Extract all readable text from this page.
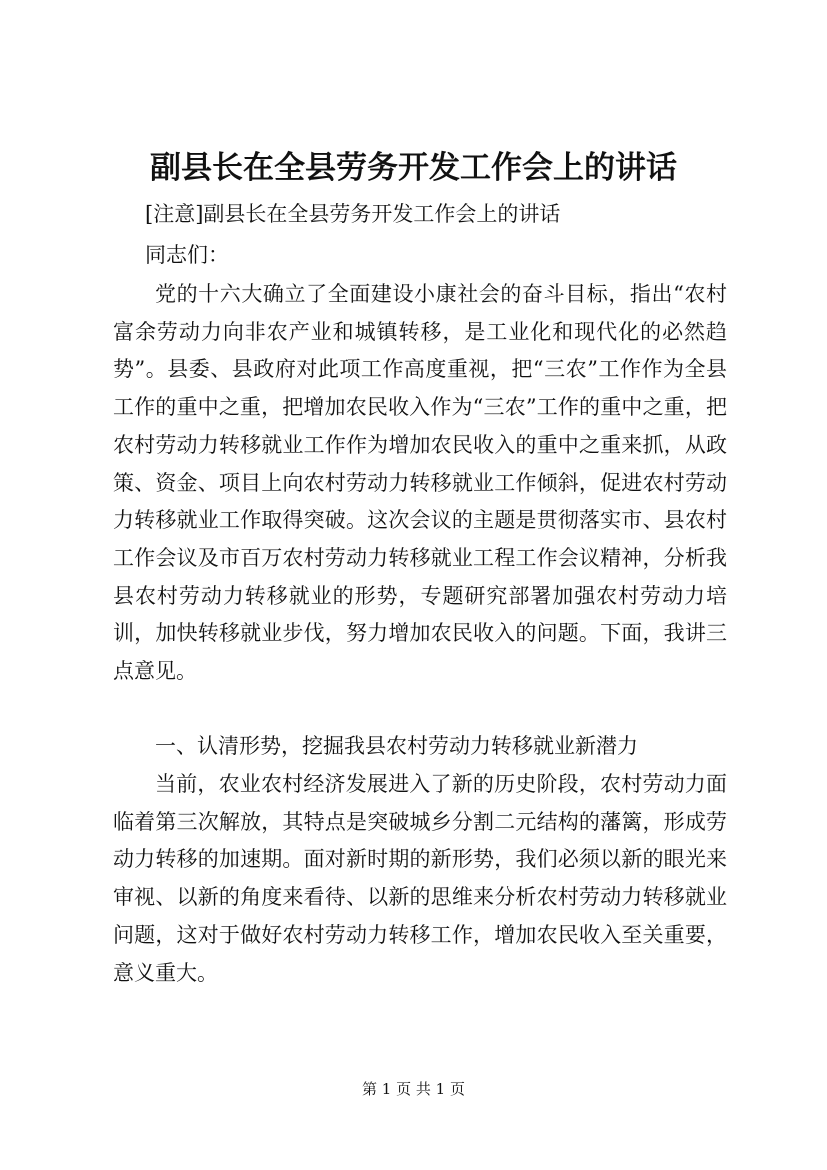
副县长在全县劳务开发工作会上的讲话

[注意]副县长在全县劳务开发工作会上的讲话

同志们：

党的十六大确立了全面建设小康社会的奋斗目标，指出“农村富余劳动力向非农产业和城镇转移，是工业化和现代化的必然趋势”。县委、县政府对此项工作高度重视，把“三农”工作作为全县工作的重中之重，把增加农民收入作为“三农”工作的重中之重，把农村劳动力转移就业工作作为增加农民收入的重中之重来抓，从政策、资金、项目上向农村劳动力转移就业工作倾斜，促进农村劳动力转移就业工作取得突破。这次会议的主题是贯彻落实市、县农村工作会议及市百万农村劳动力转移就业工程工作会议精神，分析我县农村劳动力转移就业的形势，专题研究部署加强农村劳动力培训，加快转移就业步伐，努力增加农民收入的问题。下面，我讲三点意见。

一、认清形势，挖掘我县农村劳动力转移就业新潜力

当前，农业农村经济发展进入了新的历史阶段，农村劳动力面临着第三次解放，其特点是突破城乡分割二元结构的藩篱，形成劳动力转移的加速期。面对新时期的新形势，我们必须以新的眼光来审视、以新的角度来看待、以新的思维来分析农村劳动力转移就业问题，这对于做好农村劳动力转移工作，增加农民收入至关重要，意义重大。

第 1 页 共 1 页
